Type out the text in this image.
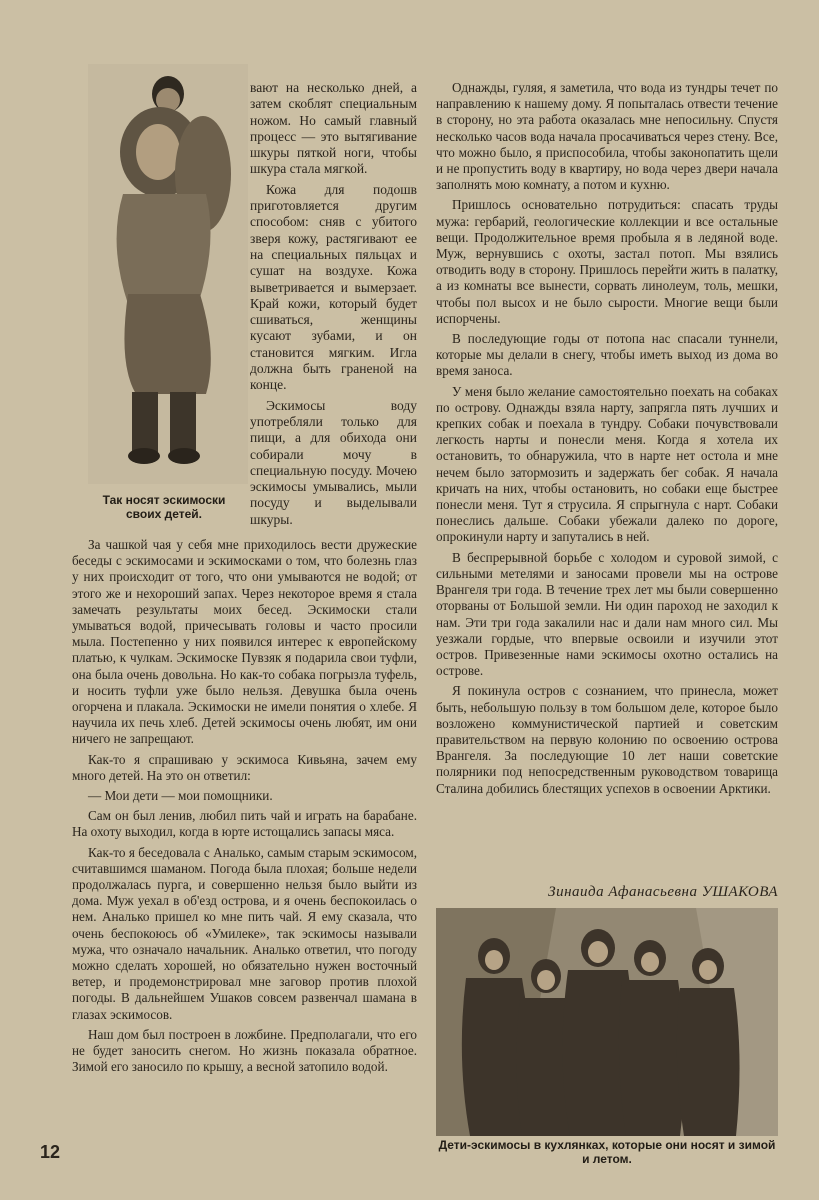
Так носят эскимоски своих детей.

вают на несколько дней, а затем скоблят специальным ножом. Но самый главный процесс — это вытягивание шкуры пяткой ноги, чтобы шкура стала мягкой.

Кожа для подошв приготовляется другим способом: сняв с убитого зверя кожу, растягивают ее на специальных пяльцах и сушат на воздухе. Кожа выветривается и вымерзает. Край кожи, который будет сшиваться, женщины кусают зубами, и он становится мягким. Игла должна быть граненой на конце.

Эскимосы воду употребляли только для пищи, а для обихода они собирали мочу в специальную посуду. Мочею эскимосы умывались, мыли посуду и выделывали шкуры.

За чашкой чая у себя мне приходилось вести дружеские беседы с эскимосами и эскимосками о том, что болезнь глаз у них происходит от того, что они умываются не водой; от этого же и нехороший запах. Через некоторое время я стала замечать результаты моих бесед. Эскимоски стали умываться водой, причесывать головы и часто просили мыла. Постепенно у них появился интерес к европейскому платью, к чулкам. Эскимоске Пувзяк я подарила свои туфли, она была очень довольна. Но как-то собака погрызла туфель, и носить туфли уже было нельзя. Девушка была очень огорчена и плакала. Эскимоски не имели понятия о хлебе. Я научила их печь хлеб. Детей эскимосы очень любят, им они ничего не запрещают.

Как-то я спрашиваю у эскимоса Кивьяна, зачем ему много детей. На это он ответил:

— Мои дети — мои помощники.

Сам он был ленив, любил пить чай и играть на барабане. На охоту выходил, когда в юрте истощались запасы мяса.

Как-то я беседовала с Аналько, самым старым эскимосом, считавшимся шаманом. Погода была плохая; больше недели продолжалась пурга, и совершенно нельзя было выйти из дома. Муж уехал в об'езд острова, и я очень беспокоилась о нем. Аналько пришел ко мне пить чай. Я ему сказала, что очень беспокоюсь об «Умилеке», так эскимосы называли мужа, что означало начальник. Аналько ответил, что погоду можно сделать хорошей, но обязательно нужен восточный ветер, и продемонстрировал мне заговор против плохой погоды. В дальнейшем Ушаков совсем развенчал шамана в глазах эскимосов.

Наш дом был построен в ложбине. Предполагали, что его не будет заносить снегом. Но жизнь показала обратное. Зимой его заносило по крышу, а весной затопило водой.

Однажды, гуляя, я заметила, что вода из тундры течет по направлению к нашему дому. Я попыталась отвести течение в сторону, но эта работа оказалась мне непосильну. Спустя несколько часов вода начала просачиваться через стену. Все, что можно было, я приспособила, чтобы законопатить щели и не пропустить воду в квартиру, но вода через двери начала заполнять мою комнату, а потом и кухню.

Пришлось основательно потрудиться: спасать труды мужа: гербарий, геологические коллекции и все остальные вещи. Продолжительное время пробыла я в ледяной воде. Муж, вернувшись с охоты, застал потоп. Мы взялись отводить воду в сторону. Пришлось перейти жить в палатку, а из комнаты все вынести, сорвать линолеум, толь, мешки, чтобы пол высох и не было сырости. Многие вещи были испорчены.

В последующие годы от потопа нас спасали туннели, которые мы делали в снегу, чтобы иметь выход из дома во время заноса.

У меня было желание самостоятельно поехать на собаках по острову. Однажды взяла нарту, запрягла пять лучших и крепких собак и поехала в тундру. Собаки почувствовали легкость нарты и понесли меня. Когда я хотела их остановить, то обнаружила, что в нарте нет остола и мне нечем было затормозить и задержать бег собак. Я начала кричать на них, чтобы остановить, но собаки еще быстрее понесли меня. Тут я струсила. Я спрыгнула с нарт. Собаки понеслись дальше. Собаки убежали далеко по дороге, опрокинули нарту и запутались в ней.

В беспрерывной борьбе с холодом и суровой зимой, с сильными метелями и заносами провели мы на острове Врангеля три года. В течение трех лет мы были совершенно оторваны от Большой земли. Ни один пароход не заходил к нам. Эти три года закалили нас и дали нам много сил. Мы уезжали гордые, что впервые освоили и изучили этот остров. Привезенные нами эскимосы охотно остались на острове.

Я покинула остров с сознанием, что принесла, может быть, небольшую пользу в том большом деле, которое было возложено коммунистической партией и советским правительством на первую колонию по освоению острова Врангеля. За последующие 10 лет наши советские полярники под непосредственным руководством товарища Сталина добились блестящих успехов в освоении Арктики.

Зинаида Афанасьевна УШАКОВА
Дети-эскимосы в кухлянках, которые они носят и зимой и летом.
12
